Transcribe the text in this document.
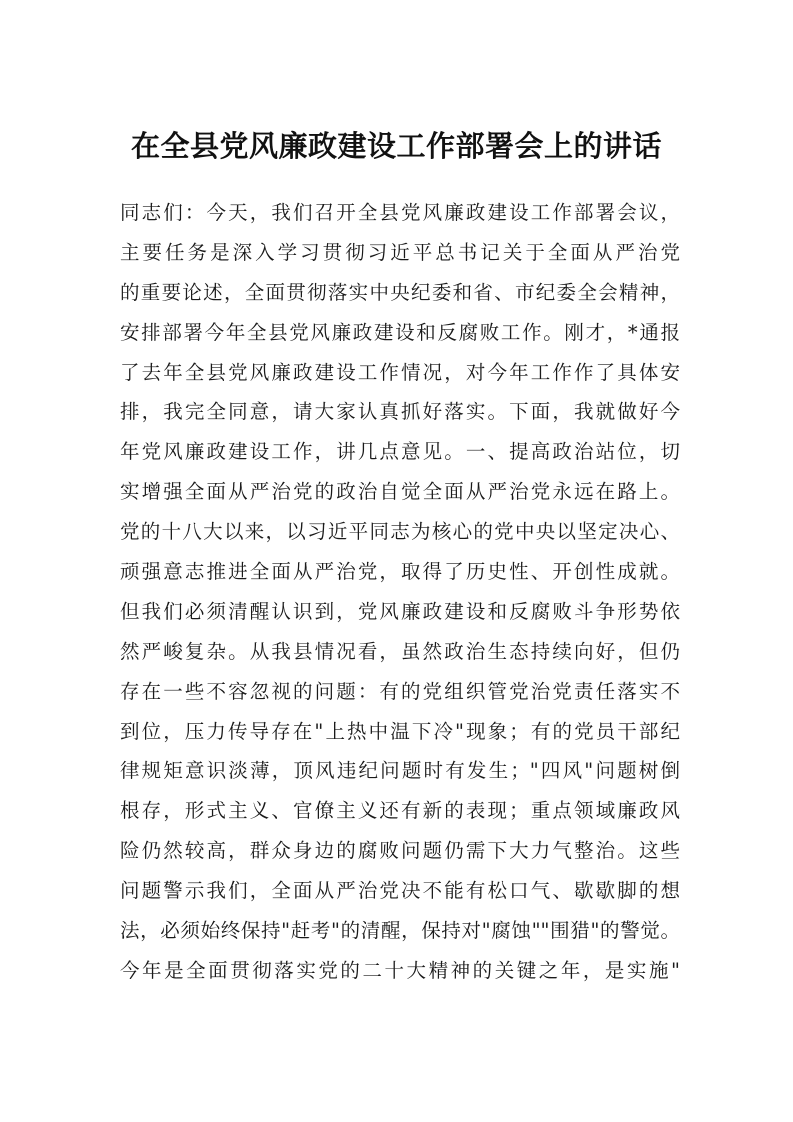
在全县党风廉政建设工作部署会上的讲话
同志们：今天，我们召开全县党风廉政建设工作部署会议，
主要任务是深入学习贯彻习近平总书记关于全面从严治党
的重要论述，全面贯彻落实中央纪委和省、市纪委全会精神，
安排部署今年全县党风廉政建设和反腐败工作。刚才，*通报
了去年全县党风廉政建设工作情况，对今年工作作了具体安
排，我完全同意，请大家认真抓好落实。下面，我就做好今
年党风廉政建设工作，讲几点意见。一、提高政治站位，切
实增强全面从严治党的政治自觉全面从严治党永远在路上。
党的十八大以来，以习近平同志为核心的党中央以坚定决心、
顽强意志推进全面从严治党，取得了历史性、开创性成就。
但我们必须清醒认识到，党风廉政建设和反腐败斗争形势依
然严峻复杂。从我县情况看，虽然政治生态持续向好，但仍
存在一些不容忽视的问题：有的党组织管党治党责任落实不
到位，压力传导存在"上热中温下冷"现象；有的党员干部纪
律规矩意识淡薄，顶风违纪问题时有发生；"四风"问题树倒
根存，形式主义、官僚主义还有新的表现；重点领域廉政风
险仍然较高，群众身边的腐败问题仍需下大力气整治。这些
问题警示我们，全面从严治党决不能有松口气、歇歇脚的想
法，必须始终保持"赶考"的清醒，保持对"腐蚀""围猎"的警觉。
今年是全面贯彻落实党的二十大精神的关键之年，是实施"
